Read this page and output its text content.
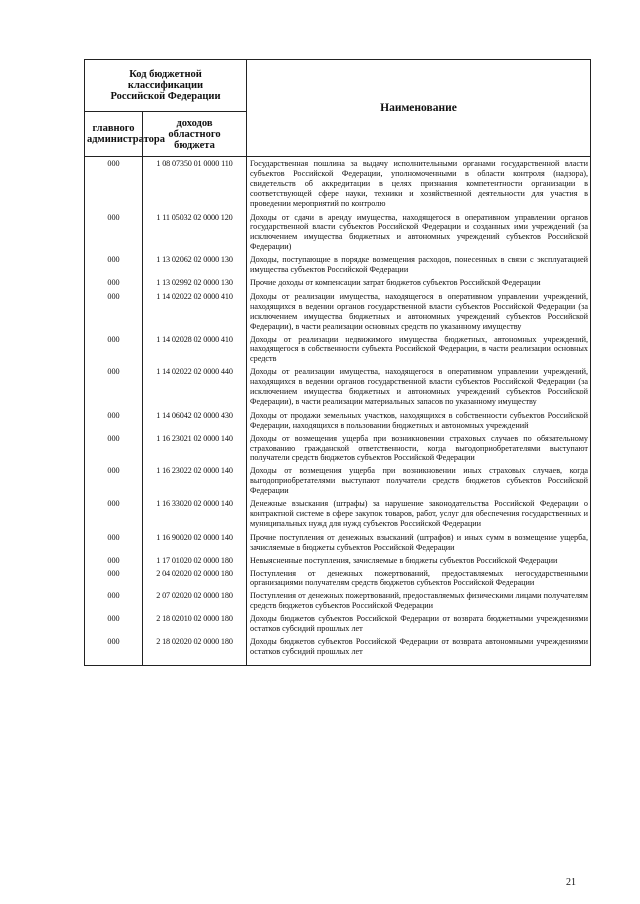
Код бюджетной классификации Российской Федерации		Наименование
главного администратора	доходов областного бюджета	
000	1 08 07350 01 0000 110	Государственная пошлина за выдачу исполнительными органами государственной власти субъектов Российской Федерации, уполномоченными в области контроля (надзора), свидетельств об аккредитации в целях признания компетентности организации в соответствующей сфере науки, техники и хозяйственной деятельности для участия в проведении мероприятий по контролю
000	1 11 05032 02 0000 120	Доходы от сдачи в аренду имущества, находящегося в оперативном управлении органов государственной власти субъектов Российской Федерации и созданных ими учреждений (за исключением имущества бюджетных и автономных учреждений субъектов Российской Федерации)
000	1 13 02062 02 0000 130	Доходы, поступающие в порядке возмещения расходов, понесенных в связи с эксплуатацией имущества субъектов Российской Федерации
000	1 13 02992 02 0000 130	Прочие доходы от компенсации затрат бюджетов субъектов Российской Федерации
000	1 14 02022 02 0000 410	Доходы от реализации имущества, находящегося в оперативном управлении учреждений, находящихся в ведении органов государственной власти субъектов Российской Федерации (за исключением имущества бюджетных и автономных учреждений субъектов Российской Федерации), в части реализации основных средств по указанному имуществу
000	1 14 02028 02 0000 410	Доходы от реализации недвижимого имущества бюджетных, автономных учреждений, находящегося в собственности субъекта Российской Федерации, в части реализации основных средств
000	1 14 02022 02 0000 440	Доходы от реализации имущества, находящегося в оперативном управлении учреждений, находящихся в ведении органов государственной власти субъектов Российской Федерации (за исключением имущества бюджетных и автономных учреждений субъектов Российской Федерации), в части реализации материальных запасов по указанному имуществу
000	1 14 06042 02 0000 430	Доходы от продажи земельных участков, находящихся в собственности субъектов Российской Федерации, находящихся в пользовании бюджетных и автономных учреждений
000	1 16 23021 02 0000 140	Доходы от возмещения ущерба при возникновении страховых случаев по обязательному страхованию гражданской ответственности, когда выгодоприобретателями выступают получатели средств бюджетов субъектов Российской Федерации
000	1 16 23022 02 0000 140	Доходы от возмещения ущерба при возникновении иных страховых случаев, когда выгодоприобретателями выступают получатели средств бюджетов субъектов Российской Федерации
000	1 16 33020 02 0000 140	Денежные взыскания (штрафы) за нарушение законодательства Российской Федерации о контрактной системе в сфере закупок товаров, работ, услуг для обеспечения государственных и муниципальных нужд для нужд субъектов Российской Федерации
000	1 16 90020 02 0000 140	Прочие поступления от денежных взысканий (штрафов) и иных сумм в возмещение ущерба, зачисляемые в бюджеты субъектов Российской Федерации
000	1 17 01020 02 0000 180	Невыясненные поступления, зачисляемые в бюджеты субъектов Российской Федерации
000	2 04 02020 02 0000 180	Поступления от денежных пожертвований, предоставляемых негосударственными организациями получателям средств бюджетов субъектов Российской Федерации
000	2 07 02020 02 0000 180	Поступления от денежных пожертвований, предоставляемых физическими лицами получателям средств бюджетов субъектов Российской Федерации
000	2 18 02010 02 0000 180	Доходы бюджетов субъектов Российской Федерации от возврата бюджетными учреждениями остатков субсидий прошлых лет
000	2 18 02020 02 0000 180	Доходы бюджетов субъектов Российской Федерации от возврата автономными учреждениями остатков субсидий прошлых лет
21
